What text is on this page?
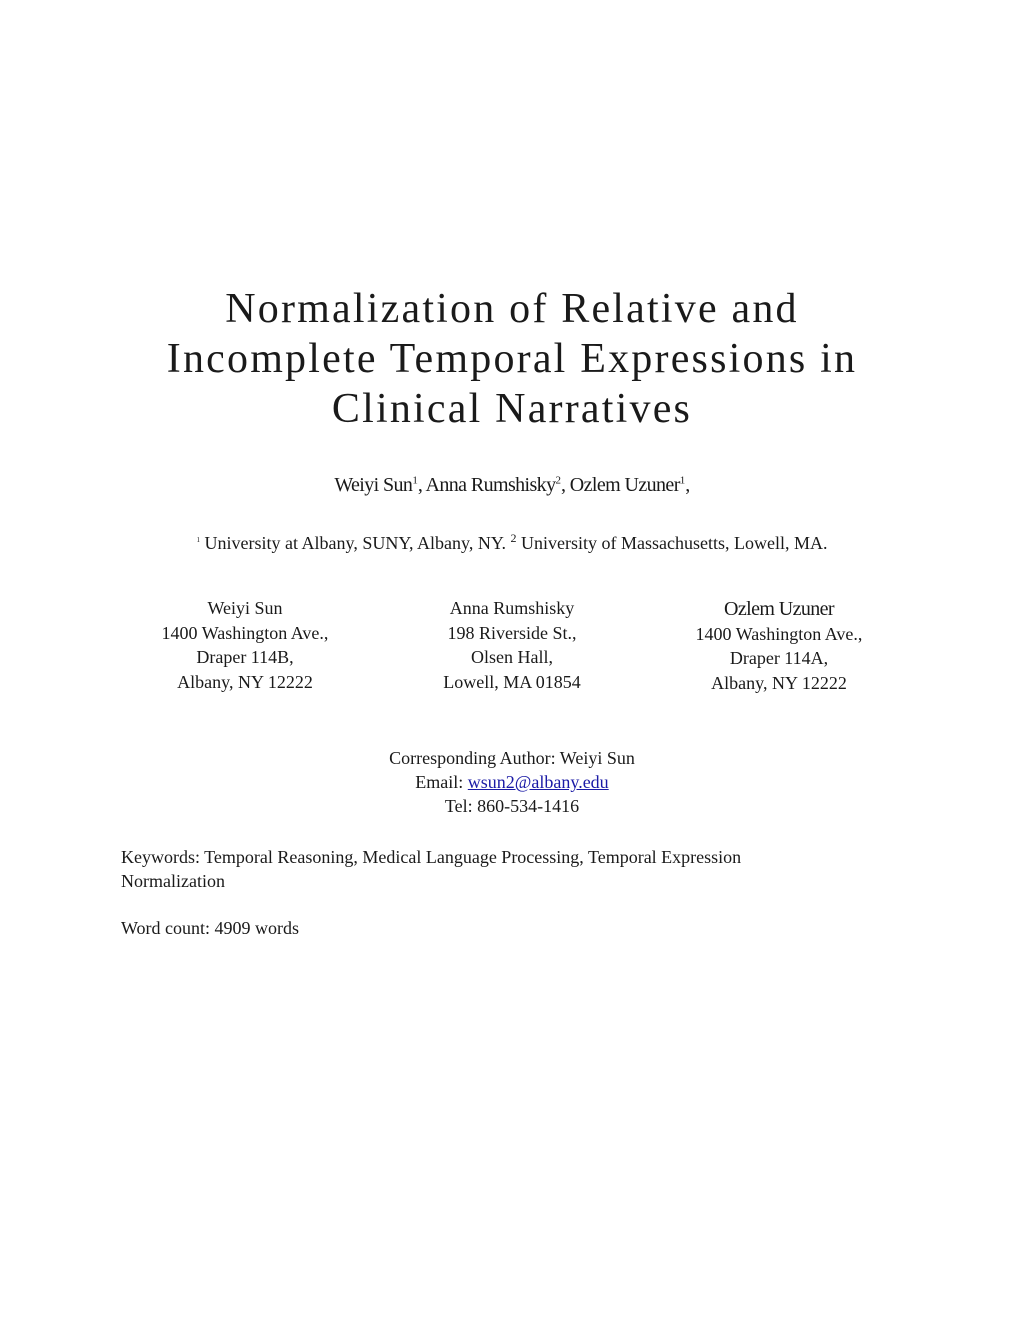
Normalization of Relative and
Incomplete Temporal Expressions in
Clinical Narratives
Weiyi Sun$^1$, Anna Rumshisky$^2$, Ozlem Uzuner$^1$,
$^1$ University at Albany, SUNY, Albany, NY. $^2$ University of Massachusetts, Lowell, MA.
Weiyi Sun
1400 Washington Ave.,
Draper 114B,
Albany, NY 12222
Anna Rumshisky
198 Riverside St.,
Olsen Hall,
Lowell, MA 01854
Ozlem Uzuner
1400 Washington Ave.,
Draper 114A,
Albany, NY 12222
Corresponding Author: Weiyi Sun
Email: wsun2@albany.edu
Tel: 860-534-1416
Keywords: Temporal Reasoning, Medical Language Processing, Temporal Expression Normalization
Word count: 4909 words
